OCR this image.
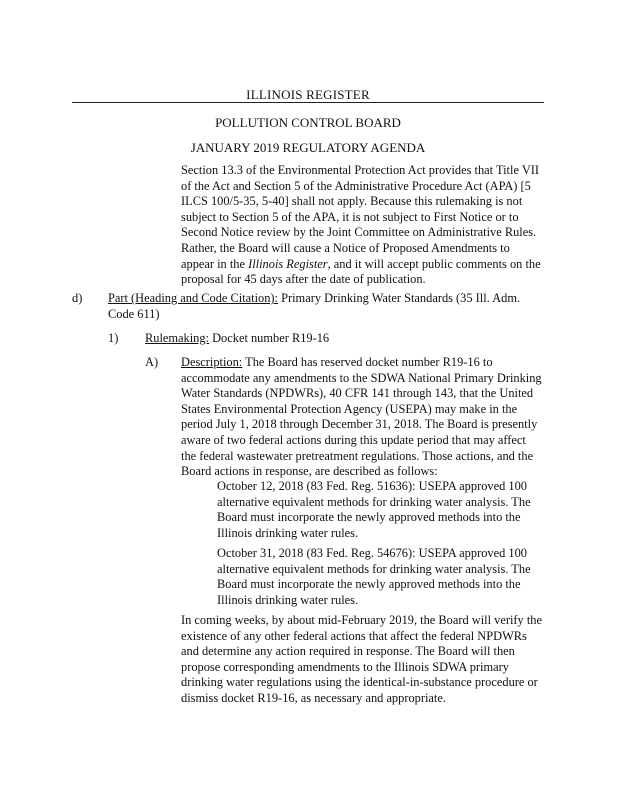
ILLINOIS REGISTER
POLLUTION CONTROL BOARD
JANUARY 2019 REGULATORY AGENDA
Section 13.3 of the Environmental Protection Act provides that Title VII of the Act and Section 5 of the Administrative Procedure Act (APA) [5 ILCS 100/5-35, 5-40] shall not apply. Because this rulemaking is not subject to Section 5 of the APA, it is not subject to First Notice or to Second Notice review by the Joint Committee on Administrative Rules. Rather, the Board will cause a Notice of Proposed Amendments to appear in the Illinois Register, and it will accept public comments on the proposal for 45 days after the date of publication.
d) Part (Heading and Code Citation): Primary Drinking Water Standards (35 Ill. Adm. Code 611)
1) Rulemaking: Docket number R19-16
A) Description: The Board has reserved docket number R19-16 to accommodate any amendments to the SDWA National Primary Drinking Water Standards (NPDWRs), 40 CFR 141 through 143, that the United States Environmental Protection Agency (USEPA) may make in the period July 1, 2018 through December 31, 2018. The Board is presently aware of two federal actions during this update period that may affect the federal wastewater pretreatment regulations. Those actions, and the Board actions in response, are described as follows:
October 12, 2018 (83 Fed. Reg. 51636): USEPA approved 100 alternative equivalent methods for drinking water analysis. The Board must incorporate the newly approved methods into the Illinois drinking water rules.
October 31, 2018 (83 Fed. Reg. 54676): USEPA approved 100 alternative equivalent methods for drinking water analysis. The Board must incorporate the newly approved methods into the Illinois drinking water rules.
In coming weeks, by about mid-February 2019, the Board will verify the existence of any other federal actions that affect the federal NPDWRs and determine any action required in response. The Board will then propose corresponding amendments to the Illinois SDWA primary drinking water regulations using the identical-in-substance procedure or dismiss docket R19-16, as necessary and appropriate.
